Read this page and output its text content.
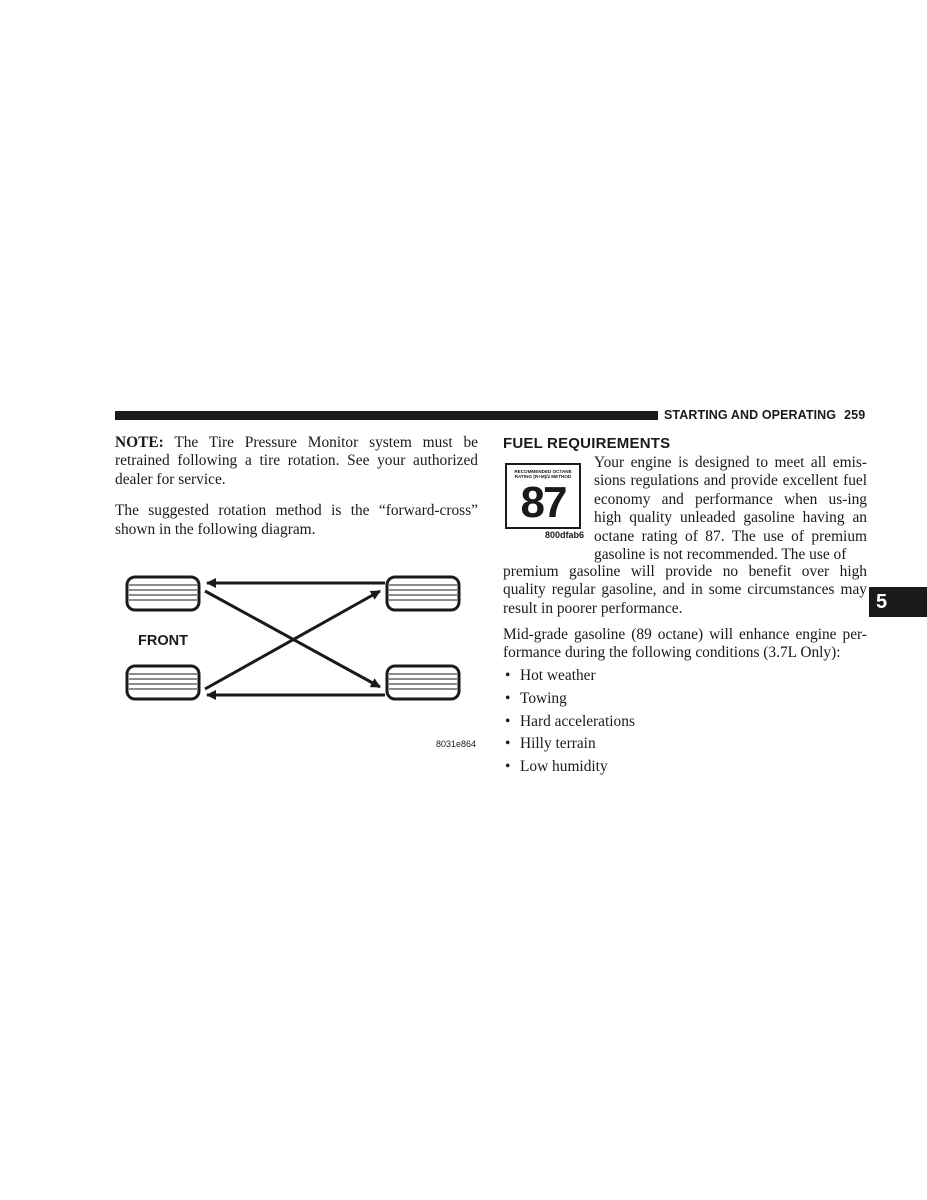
STARTING AND OPERATING 259

NOTE: The Tire Pressure Monitor system must be retrained following a tire rotation. See your authorized dealer for service.

The suggested rotation method is the “forward-cross” shown in the following diagram.

FRONT
8031e864
FUEL REQUIREMENTS
RECOMMENDED OCTANE RATING (R+M)/2 METHOD
87
800dfab6

Your engine is designed to meet all emis-sions regulations and provide excellent fuel economy and performance when us-ing high quality unleaded gasoline having an octane rating of 87. The use of premium gasoline is not recommended. The use of

premium gasoline will provide no benefit over high quality regular gasoline, and in some circumstances may result in poorer performance.

Mid-grade gasoline (89 octane) will enhance engine per-formance during the following conditions (3.7L Only):

• Hot weather
• Towing
• Hard accelerations
• Hilly terrain
• Low humidity
5
